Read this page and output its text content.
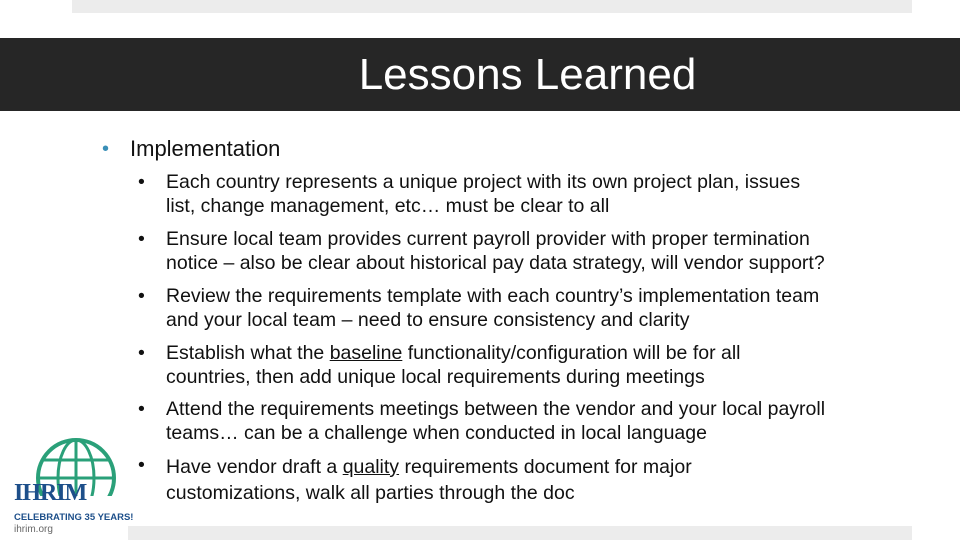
Lessons Learned
• Implementation
• Each country represents a unique project with its own project plan, issues
list, change management, etc… must be clear to all
• Ensure local team provides current payroll provider with proper termination
notice – also be clear about historical pay data strategy, will vendor support?
• Review the requirements template with each country’s implementation team
and your local team – need to ensure consistency and clarity
• Establish what the baseline functionality/configuration will be for all
countries, then add unique local requirements during meetings
• Attend the requirements meetings between the vendor and your local payroll
teams… can be a challenge when conducted in local language
• Have vendor draft a quality requirements document for major
customizations, walk all parties through the doc
IHRIM
CELEBRATING 35 YEARS!
ihrim.org
